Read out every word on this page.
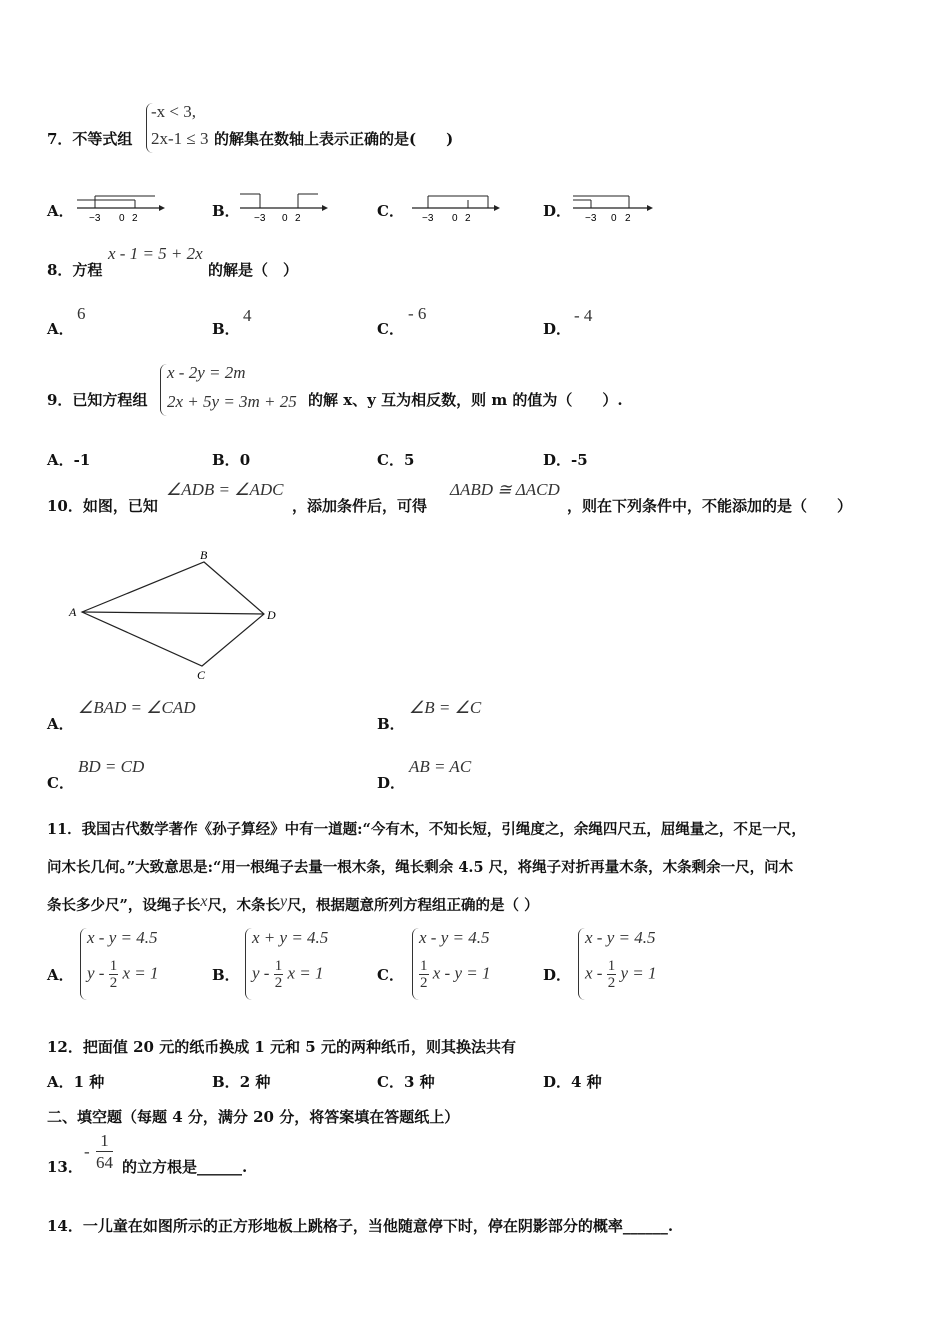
7．不等式组
-x < 3,
2x-1 ≤ 3 的解集在数轴上表示正确的是(　　)
A． −3 0 2	B． −3 0 2	C． −3 0 2	D． −3 0 2
8．方程
x - 1 = 5 + 2x
的解是（　）
A．
6
B．
4
C．
- 6
D．
- 4
9．已知方程组
x - 2y = 2m
2x + 5y = 3m + 25 的解 x、y 互为相反数，则 m 的值为（　　）.
A．-1	B．0	C．5	D．-5
10．如图，已知
∠ADB = ∠ADC
，添加条件后，可得
ΔABD ≅ ΔACD
，则在下列条件中，不能添加的是（　　）
A
B
D
C
A．
∠BAD = ∠CAD
B．
∠B = ∠C
C．
BD = CD
D．
AB = AC
11．我国古代数学著作《孙子算经》中有一道题:“今有木，不知长短，引绳度之，余绳四尺五，屈绳量之，不足一尺，
问木长几何。”大致意思是:“用一根绳子去量一根木条，绳长剩余 4.5 尺，将绳子对折再量木条，木条剩余一尺，问木
条长多少尺”，设绳子长x尺，木条长y尺，根据题意所列方程组正确的是（ ）
A．
x - y = 4.5
y - $\frac{1}{2}$ x = 1	B．
x + y = 4.5
y - $\frac{1}{2}$ x = 1	C．
x - y = 4.5
$\frac{1}{2}$ x - y = 1	D．
x - y = 4.5
x - $\frac{1}{2}$ y = 1
12．把面值 20 元的纸币换成 1 元和 5 元的两种纸币，则其换法共有
A．1 种	B．2 种	C．3 种	D．4 种
二、填空题（每题 4 分，满分 20 分，将答案填在答题纸上）
13．
-
1
64 的立方根是______.
14．一儿童在如图所示的正方形地板上跳格子，当他随意停下时，停在阴影部分的概率______.
